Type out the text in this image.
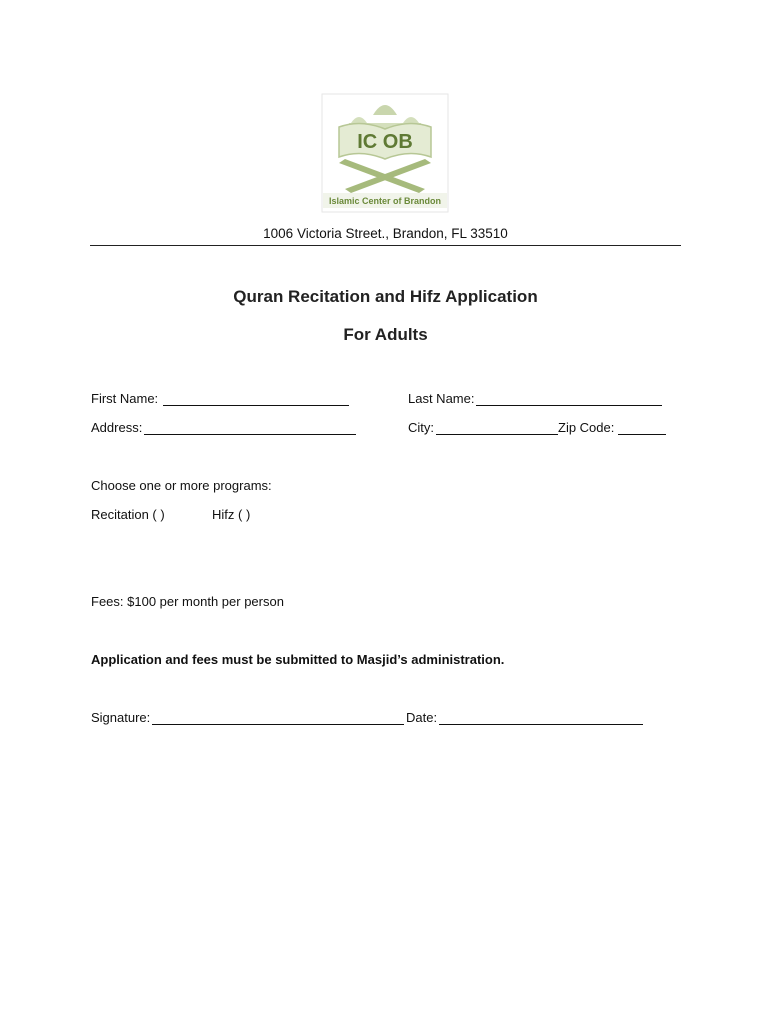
IC OB
Islamic Center of Brandon
1006 Victoria Street., Brandon, FL 33510
Quran Recitation and Hifz Application
For Adults
First Name:	Last Name:
Address:	City:	Zip Code:
Choose one or more programs:
Recitation ( )	Hifz ( )
Fees: $100 per month per person
Application and fees must be submitted to Masjid’s administration.
Signature:	Date:
